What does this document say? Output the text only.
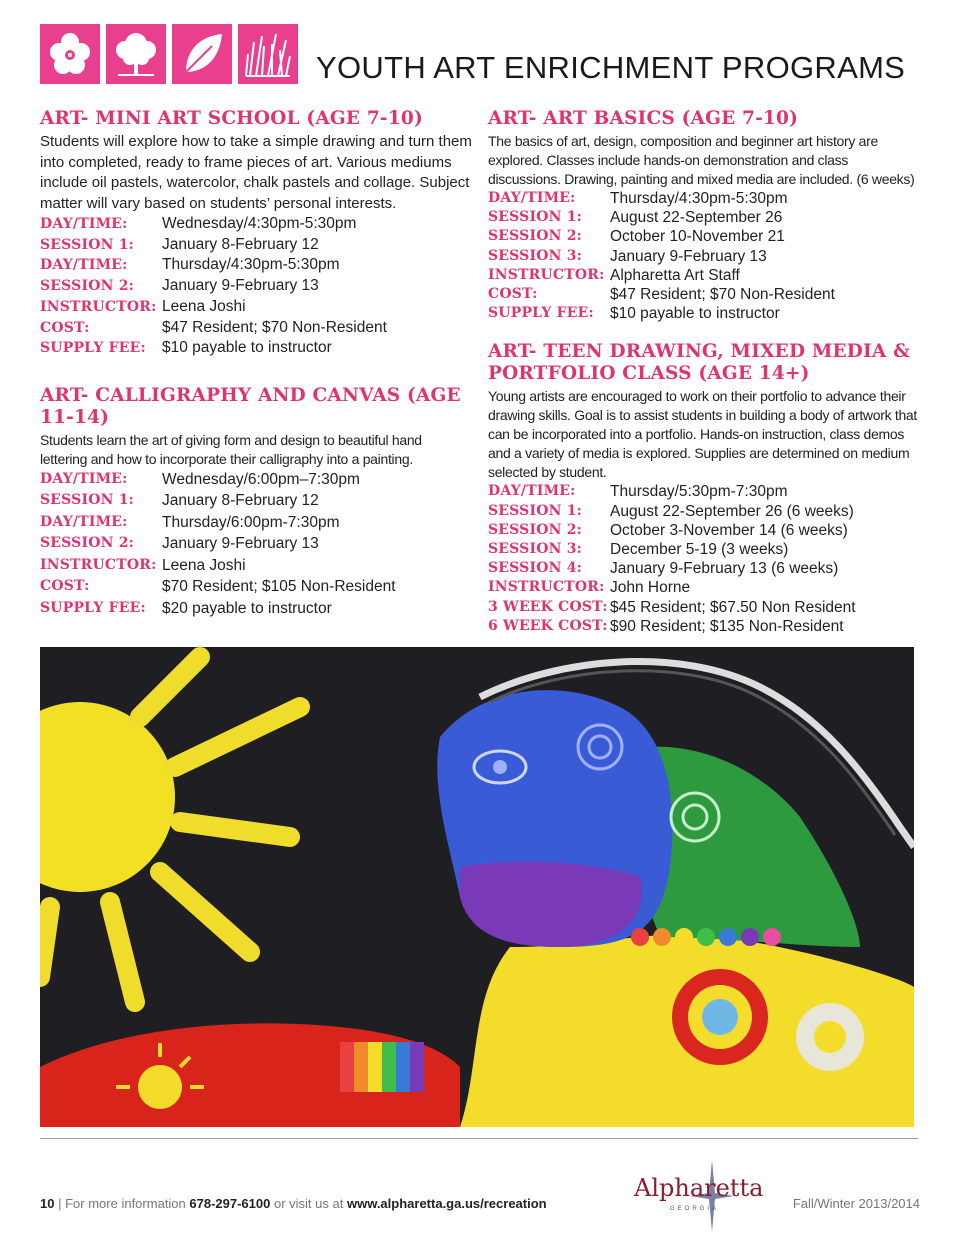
YOUTH ART ENRICHMENT PROGRAMS
ART- MINI ART SCHOOL (AGE 7-10)
Students will explore how to take a simple drawing and turn them into completed, ready to frame pieces of art. Various mediums include oil pastels, watercolor, chalk pastels and collage. Subject matter will vary based on students’ personal interests.
DAY/TIME:	Wednesday/4:30pm-5:30pm
SESSION 1:	January 8-February 12
DAY/TIME:	Thursday/4:30pm-5:30pm
SESSION 2:	January 9-February 13
INSTRUCTOR: Leena Joshi
COST:	$47 Resident; $70 Non-Resident
SUPPLY FEE:	$10 payable to instructor
ART- CALLIGRAPHY AND CANVAS (AGE 11-14)
Students learn the art of giving form and design to beautiful hand lettering and how to incorporate their calligraphy into a painting.
DAY/TIME:	Wednesday/6:00pm–7:30pm
SESSION 1:	January 8-February 12
DAY/TIME:	Thursday/6:00pm-7:30pm
SESSION 2:	January 9-February 13
INSTRUCTOR: Leena Joshi
COST:	$70 Resident; $105 Non-Resident
SUPPLY FEE:	$20 payable to instructor
ART- ART BASICS (AGE 7-10)
The basics of art, design, composition and beginner art history are explored. Classes include hands-on demonstration and class discussions. Drawing, painting and mixed media are included. (6 weeks)
DAY/TIME:	Thursday/4:30pm-5:30pm
SESSION 1:	August 22-September 26
SESSION 2:	October 10-November 21
SESSION 3:	January 9-February 13
INSTRUCTOR: Alpharetta Art Staff
COST:	$47 Resident; $70 Non-Resident
SUPPLY FEE:	$10 payable to instructor
ART- TEEN DRAWING, MIXED MEDIA & PORTFOLIO CLASS (AGE 14+)
Young artists are encouraged to work on their portfolio to advance their drawing skills. Goal is to assist students in building a body of artwork that can be incorporated into a portfolio. Hands-on instruction, class demos and a variety of media is explored. Supplies are determined on medium selected by student.
DAY/TIME:	Thursday/5:30pm-7:30pm
SESSION 1:	August 22-September 26 (6 weeks)
SESSION 2:	October 3-November 14 (6 weeks)
SESSION 3:	December 5-19 (3 weeks)
SESSION 4:	January 9-February 13 (6 weeks)
INSTRUCTOR: John Horne
3 WEEK COST: $45 Resident; $67.50 Non Resident
6 WEEK COST: $90 Resident; $135 Non-Resident
10 | For more information 678-297-6100 or visit us at www.alpharetta.ga.us/recreation
Alpharetta
GEORGIA	Fall/Winter 2013/2014
